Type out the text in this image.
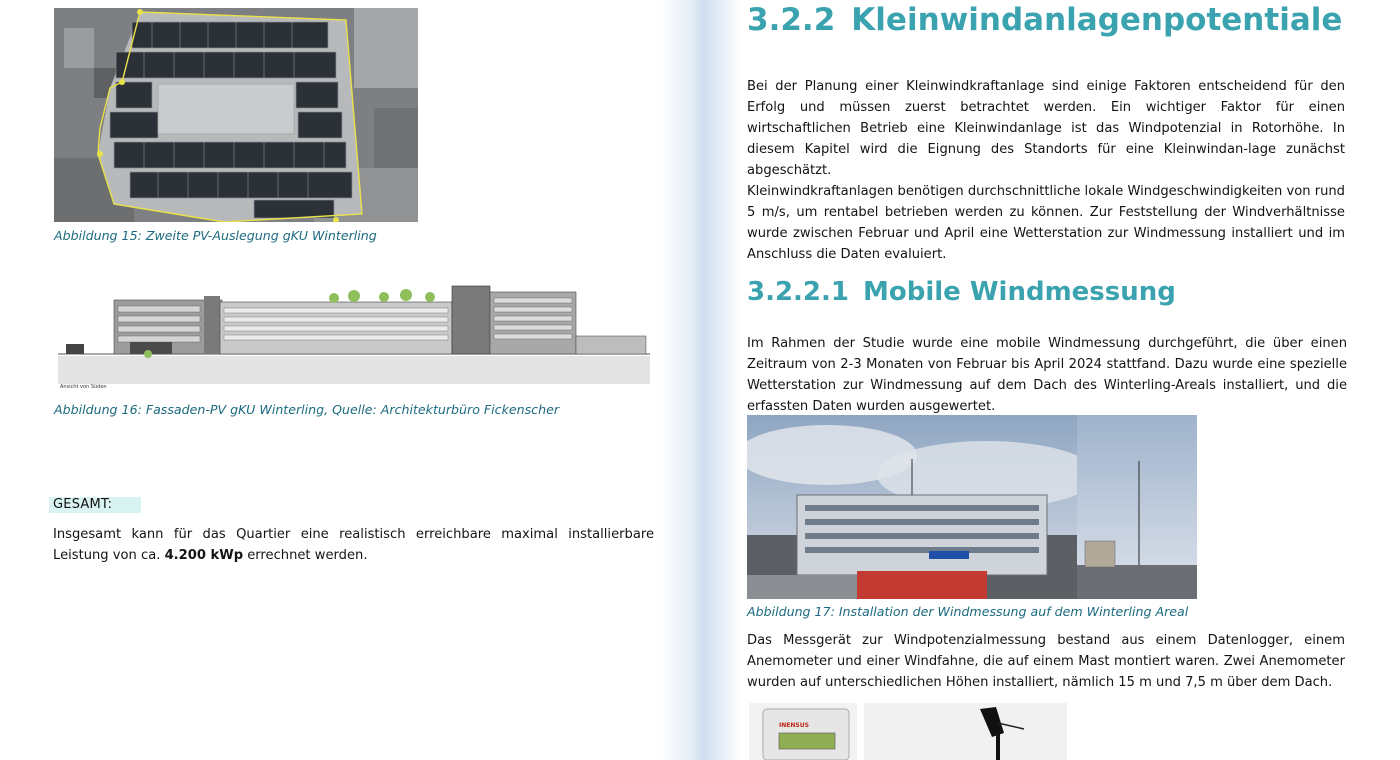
Abbildung 15: Zweite PV-Auslegung gKU Winterling
Ansicht von Süden
Abbildung 16: Fassaden-PV gKU Winterling, Quelle: Architekturbüro Fickenscher
GESAMT:

Insgesamt kann für das Quartier eine realistisch erreichbare maximal installierbare Leistung von ca. 4.200 kWp errechnet werden.

3.2.2 Kleinwindanlagenpotentiale

Bei der Planung einer Kleinwindkraftanlage sind einige Faktoren entscheidend für den Erfolg und müssen zuerst betrachtet werden. Ein wichtiger Faktor für einen wirtschaftlichen Betrieb eine Kleinwindanlage ist das Windpotenzial in Rotorhöhe. In diesem Kapitel wird die Eignung des Standorts für eine Kleinwindan-lage zunächst abgeschätzt.

Kleinwindkraftanlagen benötigen durchschnittliche lokale Windgeschwindigkeiten von rund 5 m/s, um rentabel betrieben werden zu können. Zur Feststellung der Windverhältnisse wurde zwischen Februar und April eine Wetterstation zur Windmessung installiert und im Anschluss die Daten evaluiert.

3.2.2.1 Mobile Windmessung

Im Rahmen der Studie wurde eine mobile Windmessung durchgeführt, die über einen Zeitraum von 2-3 Monaten von Februar bis April 2024 stattfand. Dazu wurde eine spezielle Wetterstation zur Windmessung auf dem Dach des Winterling-Areals installiert, und die erfassten Daten wurden ausgewertet.

Abbildung 17: Installation der Windmessung auf dem Winterling Areal

Das Messgerät zur Windpotenzialmessung bestand aus einem Datenlogger, einem Anemometer und einer Windfahne, die auf einem Mast montiert waren. Zwei Anemometer wurden auf unterschiedlichen Höhen installiert, nämlich 15 m und 7,5 m über dem Dach.

INENSUS
